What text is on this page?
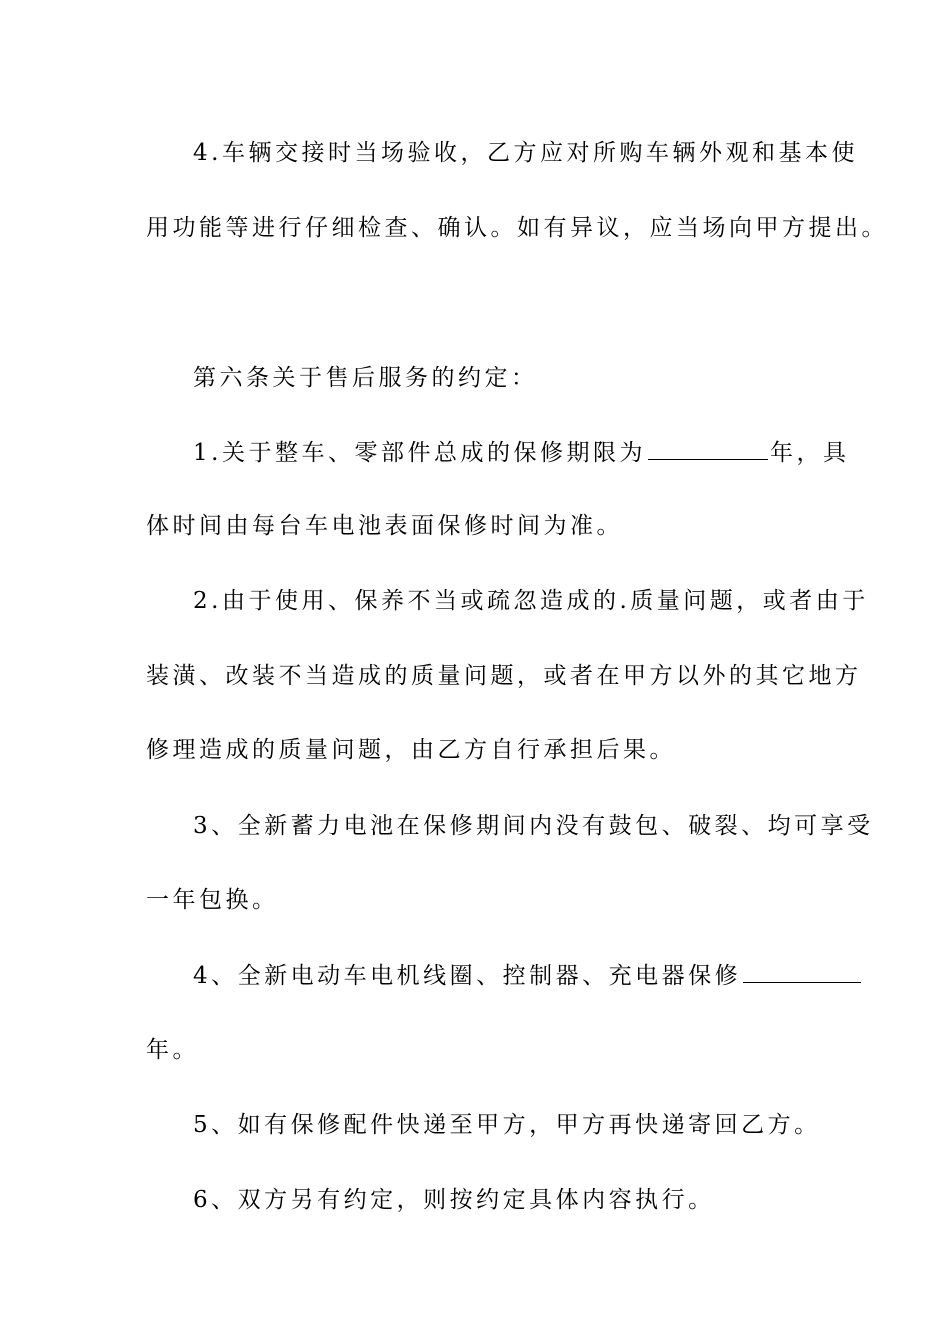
4.车辆交接时当场验收，乙方应对所购车辆外观和基本使
用功能等进行仔细检查、确认。如有异议，应当场向甲方提出。
第六条关于售后服务的约定：
1.关于整车、零部件总成的保修期限为	年，具
体时间由每台车电池表面保修时间为准。
2.由于使用、保养不当或疏忽造成的.质量问题，或者由于
装潢、改装不当造成的质量问题，或者在甲方以外的其它地方
修理造成的质量问题，由乙方自行承担后果。
3、全新蓄力电池在保修期间内没有鼓包、破裂、均可享受
一年包换。
4、全新电动车电机线圈、控制器、充电器保修
年。
5、如有保修配件快递至甲方，甲方再快递寄回乙方。
6、双方另有约定，则按约定具体内容执行。
